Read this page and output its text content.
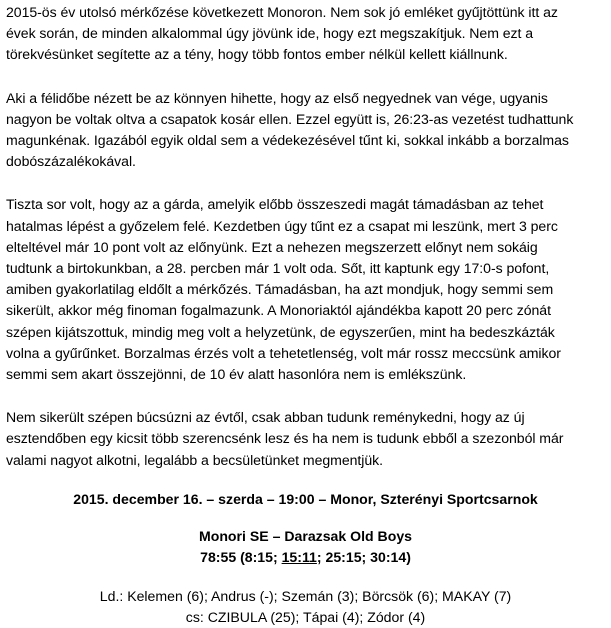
2015-ös év utolsó mérkőzése következett Monoron. Nem sok jó emléket gyűjtöttünk itt az
évek során, de minden alkalommal úgy jövünk ide, hogy ezt megszakítjuk. Nem ezt a
törekvésünket segítette az a tény, hogy több fontos ember nélkül kellett kiállnunk.

Aki a félidőbe nézett be az könnyen hihette, hogy az első negyednek van vége, ugyanis
nagyon be voltak oltva a csapatok kosár ellen. Ezzel együtt is, 26:23-as vezetést tudhattunk
magunkénak. Igazából egyik oldal sem a védekezésével tűnt ki, sokkal inkább a borzalmas
dobószázalékokával.

Tiszta sor volt, hogy az a gárda, amelyik előbb összeszedi magát támadásban az tehet
hatalmas lépést a győzelem felé. Kezdetben úgy tűnt ez a csapat mi leszünk, mert 3 perc
elteltével már 10 pont volt az előnyünk. Ezt a nehezen megszerzett előnyt nem sokáig
tudtunk a birtokunkban, a 28. percben már 1 volt oda. Sőt, itt kaptunk egy 17:0-s pofont,
amiben gyakorlatilag eldőlt a mérkőzés. Támadásban, ha azt mondjuk, hogy semmi sem
sikerült, akkor még finoman fogalmazunk. A Monoriaktól ajándékba kapott 20 perc zónát
szépen kijátszottuk, mindig meg volt a helyzetünk, de egyszerűen, mint ha bedeszkázták
volna a gyűrűnket. Borzalmas érzés volt a tehetetlenség, volt már rossz meccsünk amikor
semmi sem akart összejönni, de 10 év alatt hasonlóra nem is emlékszünk.

Nem sikerült szépen búcsúzni az évtől, csak abban tudunk reménykedni, hogy az új
esztendőben egy kicsit több szerencsénk lesz és ha nem is tudunk ebből a szezonból már
valami nagyot alkotni, legalább a becsületünket megmentjük.

2015. december 16. – szerda – 19:00 – Monor, Szterényi Sportcsarnok
Monori SE – Darazsak Old Boys
78:55 (8:15; 15:11; 25:15; 30:14)
Ld.: Kelemen (6); Andrus (-); Szemán (3); Börcsök (6); MAKAY (7)
cs: CZIBULA (25); Tápai (4); Zódor (4)
